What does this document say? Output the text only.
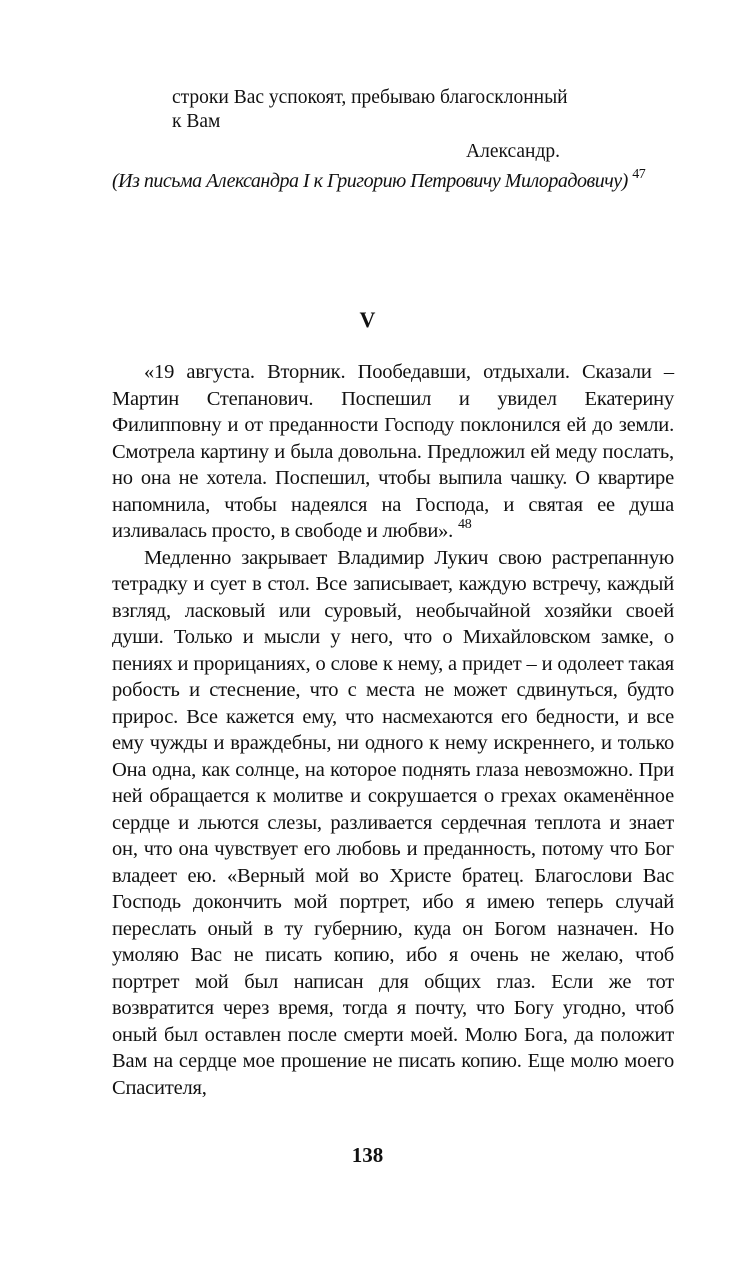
строки Вас успокоят, пребываю благосклонный
к Вам
Александр.
(Из письма Александра I к Григорию Петровичу Милорадовичу) $^{47}$
V

«19 августа. Вторник. Пообедавши, отдыхали. Сказали – Мартин Степанович. Поспешил и увидел Екатерину Филипповну и от преданности Господу поклонился ей до земли. Смотрела картину и была довольна. Предложил ей меду послать, но она не хотела. Поспешил, чтобы выпила чашку. О квартире напомнила, чтобы надеялся на Господа, и святая ее душа изливалась просто, в свободе и любви». $^{48}$

Медленно закрывает Владимир Лукич свою растрепанную тетрадку и сует в стол. Все записывает, каждую встречу, каждый взгляд, ласковый или суровый, необычайной хозяйки своей души. Только и мысли у него, что о Михайловском замке, о пениях и прорицаниях, о слове к нему, а придет – и одолеет такая робость и стеснение, что с места не может сдвинуться, будто прирос. Все кажется ему, что насмехаются его бедности, и все ему чужды и враждебны, ни одного к нему искреннего, и только Она одна, как солнце, на которое поднять глаза невозможно. При ней обращается к молитве и сокрушается о грехах окаменённое сердце и льются слезы, разливается сердечная теплота и знает он, что она чувствует его любовь и преданность, потому что Бог владеет ею. «Верный мой во Христе братец. Благослови Вас Господь докончить мой портрет, ибо я имею теперь случай переслать оный в ту губернию, куда он Богом назначен. Но умоляю Вас не писать копию, ибо я очень не желаю, чтоб портрет мой был написан для общих глаз. Если же тот возвратится через время, тогда я почту, что Богу угодно, чтоб оный был оставлен после смерти моей. Молю Бога, да положит Вам на сердце мое прошение не писать копию. Еще молю моего Спасителя,

138
